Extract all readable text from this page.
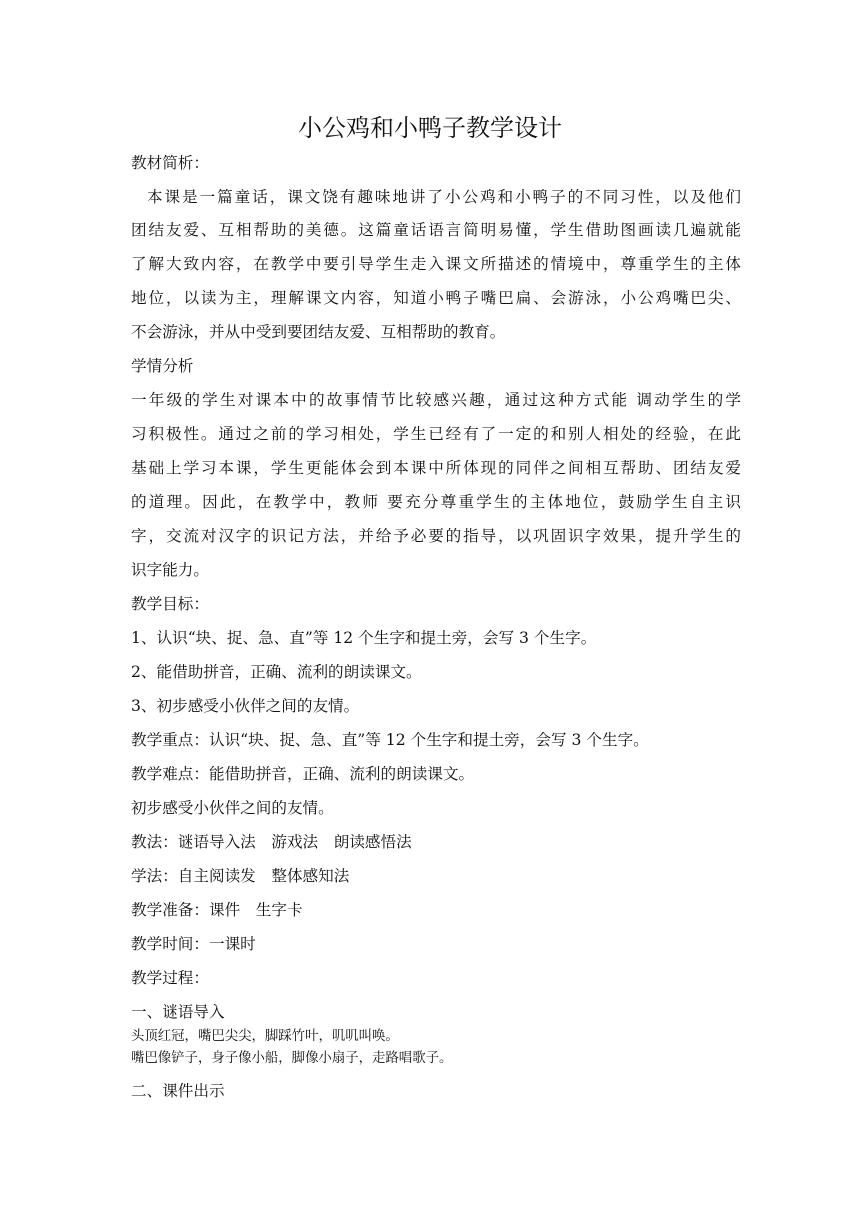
小公鸡和小鸭子教学设计
教材简析：
本课是一篇童话，课文饶有趣味地讲了小公鸡和小鸭子的不同习性，以及他们
团结友爱、互相帮助的美德。这篇童话语言简明易懂，学生借助图画读几遍就能
了解大致内容，在教学中要引导学生走入课文所描述的情境中，尊重学生的主体
地位，以读为主，理解课文内容，知道小鸭子嘴巴扁、会游泳，小公鸡嘴巴尖、
不会游泳，并从中受到要团结友爱、互相帮助的教育。
学情分析
一年级的学生对课本中的故事情节比较感兴趣，通过这种方式能 调动学生的学
习积极性。通过之前的学习相处，学生已经有了一定的和别人相处的经验，在此
基础上学习本课，学生更能体会到本课中所体现的同伴之间相互帮助、团结友爱
的道理。因此，在教学中，教师 要充分尊重学生的主体地位，鼓励学生自主识
字，交流对汉字的识记方法，并给予必要的指导，以巩固识字效果，提升学生的
识字能力。
教学目标：
1、认识“块、捉、急、直”等 12 个生字和提土旁，会写 3 个生字。
2、能借助拼音，正确、流利的朗读课文。
3、初步感受小伙伴之间的友情。
教学重点：认识“块、捉、急、直”等 12 个生字和提土旁，会写 3 个生字。
教学难点：能借助拼音，正确、流利的朗读课文。
初步感受小伙伴之间的友情。
教法：谜语导入法　游戏法　朗读感悟法
学法：自主阅读发　整体感知法
教学准备：课件　生字卡
教学时间：一课时
教学过程：
一、谜语导入
头顶红冠，嘴巴尖尖，脚踩竹叶，叽叽叫唤。
嘴巴像铲子，身子像小船，脚像小扇子，走路唱歌子。
二、课件出示
